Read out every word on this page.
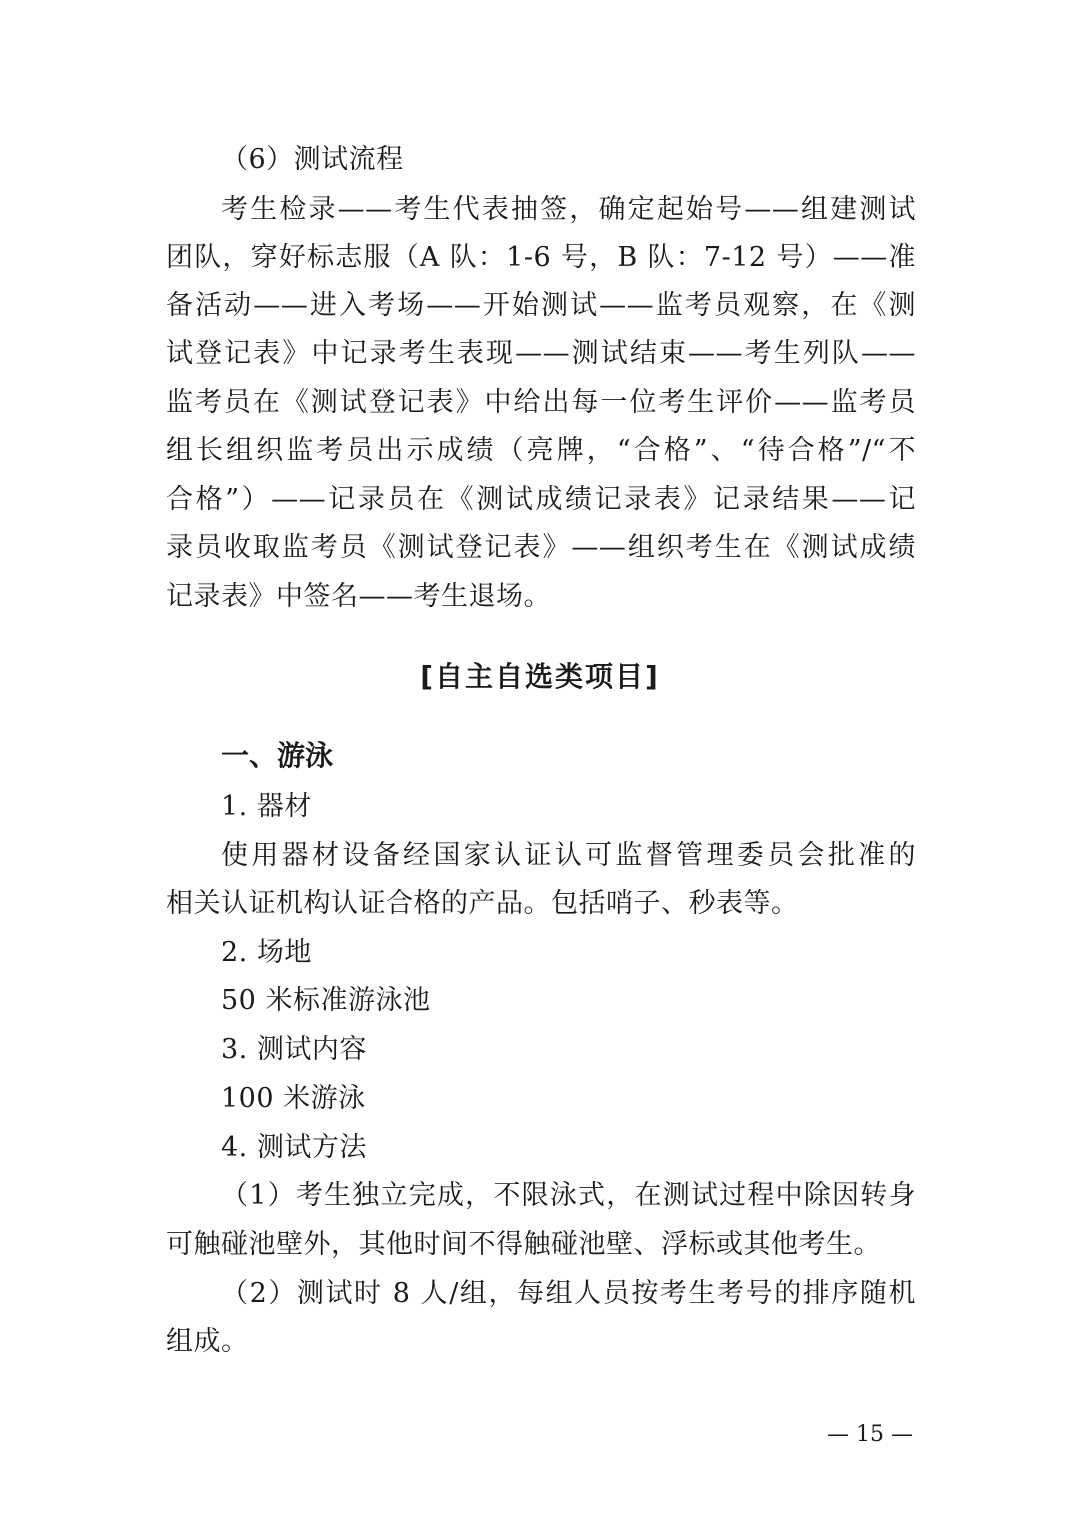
（6）测试流程
考生检录——考生代表抽签，确定起始号——组建测试
团队，穿好标志服（A 队：1-6 号，B 队：7-12 号）——准
备活动——进入考场——开始测试——监考员观察，在《测
试登记表》中记录考生表现——测试结束——考生列队——
监考员在《测试登记表》中给出每一位考生评价——监考员
组长组织监考员出示成绩（亮牌，“合格”、“待合格”/“不
合格”）——记录员在《测试成绩记录表》记录结果——记
录员收取监考员《测试登记表》——组织考生在《测试成绩
记录表》中签名——考生退场。
[自主自选类项目]
一、游泳
1. 器材
使用器材设备经国家认证认可监督管理委员会批准的
相关认证机构认证合格的产品。包括哨子、秒表等。
2. 场地
50 米标准游泳池
3. 测试内容
100 米游泳
4. 测试方法
（1）考生独立完成，不限泳式，在测试过程中除因转身
可触碰池壁外，其他时间不得触碰池壁、浮标或其他考生。
（2）测试时 8 人/组，每组人员按考生考号的排序随机
组成。
— 15 —
